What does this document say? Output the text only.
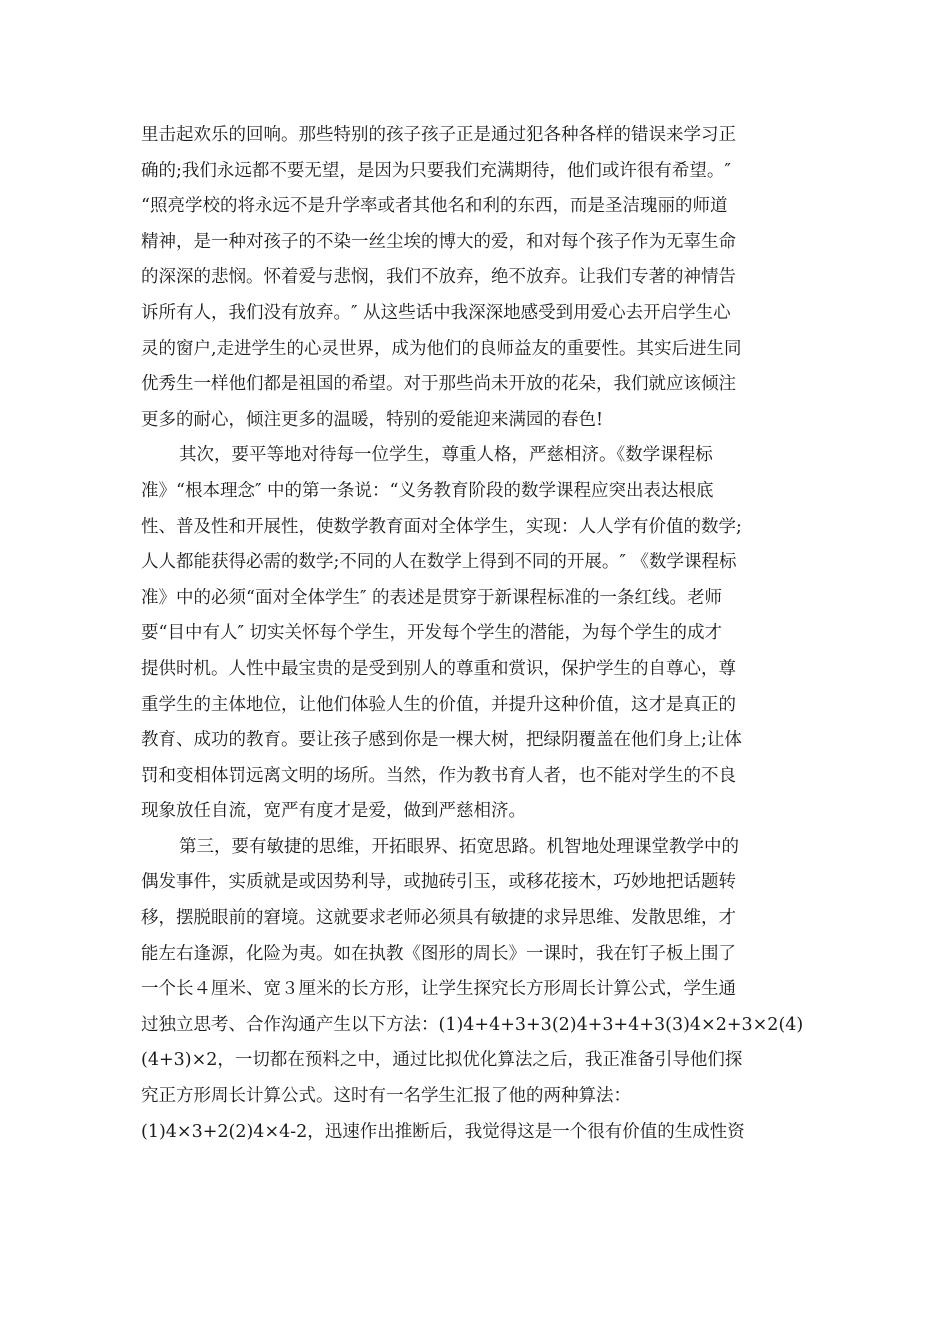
里击起欢乐的回响。那些特别的孩子孩子正是通过犯各种各样的错误来学习正
确的;我们永远都不要无望，是因为只要我们充满期待，他们或许很有希望。″
“照亮学校的将永远不是升学率或者其他名和利的东西，而是圣洁瑰丽的师道
精神，是一种对孩子的不染一丝尘埃的博大的爱，和对每个孩子作为无辜生命
的深深的悲悯。怀着爱与悲悯，我们不放弃，绝不放弃。让我们专著的神情告
诉所有人，我们没有放弃。″ 从这些话中我深深地感受到用爱心去开启学生心
灵的窗户,走进学生的心灵世界，成为他们的良师益友的重要性。其实后进生同
优秀生一样他们都是祖国的希望。对于那些尚未开放的花朵，我们就应该倾注
更多的耐心，倾注更多的温暖，特别的爱能迎来满园的春色!
其次，要平等地对待每一位学生，尊重人格，严慈相济。《数学课程标
准》“根本理念″ 中的第一条说：“义务教育阶段的数学课程应突出表达根底
性、普及性和开展性，使数学教育面对全体学生，实现：人人学有价值的数学;
人人都能获得必需的数学;不同的人在数学上得到不同的开展。″ 《数学课程标
准》中的必须“面对全体学生″ 的表述是贯穿于新课程标准的一条红线。老师
要“目中有人″ 切实关怀每个学生，开发每个学生的潜能，为每个学生的成才
提供时机。人性中最宝贵的是受到别人的尊重和赏识，保护学生的自尊心，尊
重学生的主体地位，让他们体验人生的价值，并提升这种价值，这才是真正的
教育、成功的教育。要让孩子感到你是一棵大树，把绿阴覆盖在他们身上;让体
罚和变相体罚远离文明的场所。当然，作为教书育人者，也不能对学生的不良
现象放任自流，宽严有度才是爱，做到严慈相济。
第三，要有敏捷的思维，开拓眼界、拓宽思路。机智地处理课堂教学中的
偶发事件，实质就是或因势利导，或抛砖引玉，或移花接木，巧妙地把话题转
移，摆脱眼前的窘境。这就要求老师必须具有敏捷的求异思维、发散思维，才
能左右逢源，化险为夷。如在执教《图形的周长》一课时，我在钉子板上围了
一个长４厘米、宽３厘米的长方形，让学生探究长方形周长计算公式，学生通
过独立思考、合作沟通产生以下方法：(1)4+4+3+3(2)4+3+4+3(3)4×2+3×2(4)
(4+3)×2，一切都在预料之中，通过比拟优化算法之后，我正准备引导他们探
究正方形周长计算公式。这时有一名学生汇报了他的两种算法：
(1)4×3+2(2)4×4-2，迅速作出推断后，我觉得这是一个很有价值的生成性资
